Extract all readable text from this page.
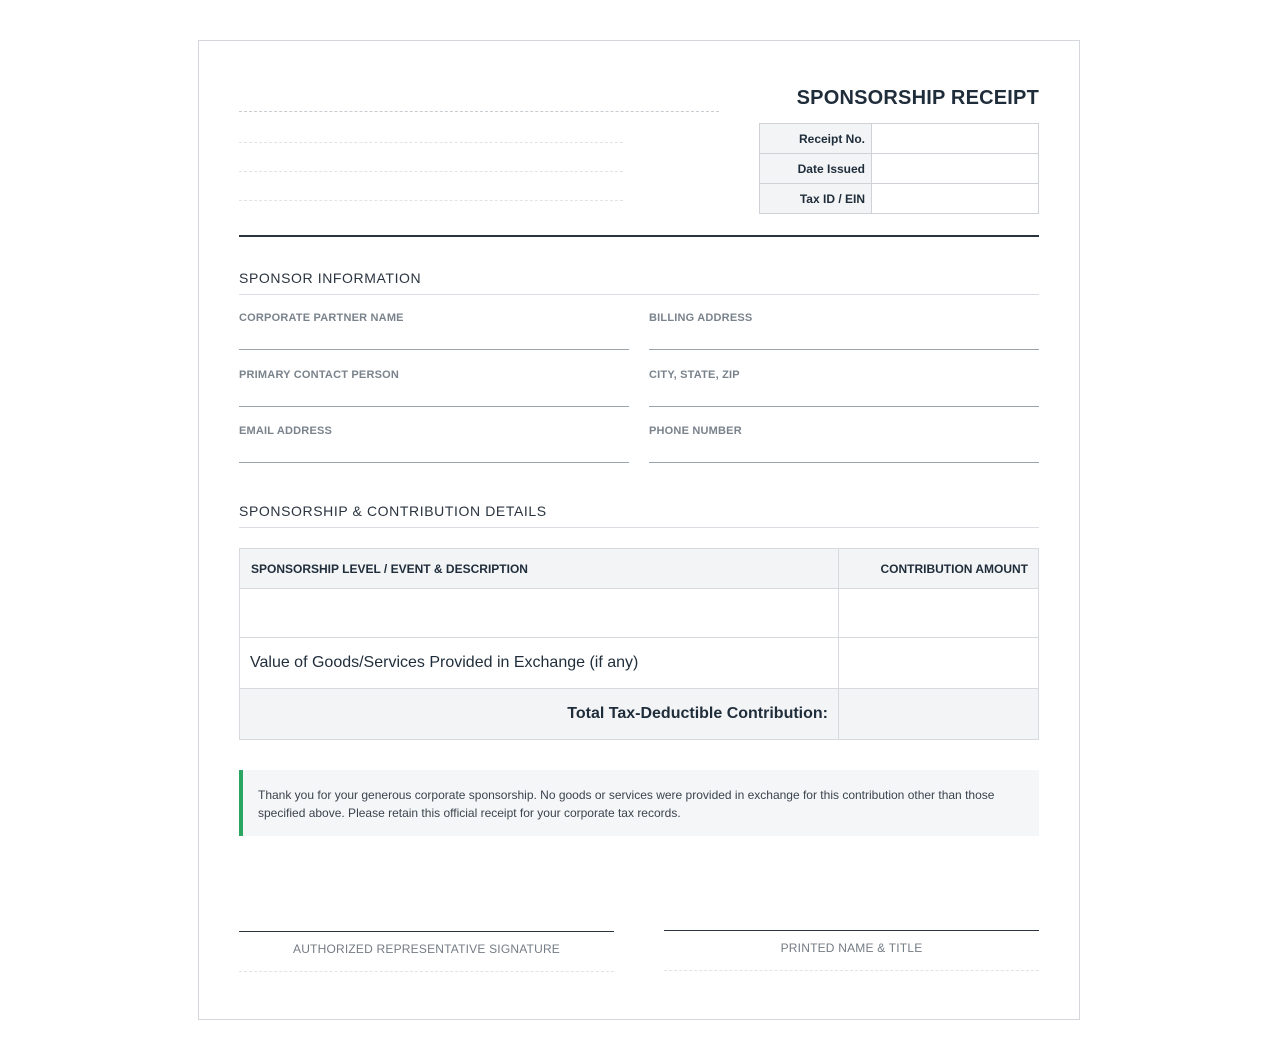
SPONSORSHIP RECEIPT
Receipt No.	
Date Issued	
Tax ID / EIN	
SPONSOR INFORMATION
CORPORATE PARTNER NAME	BILLING ADDRESS
PRIMARY CONTACT PERSON	CITY, STATE, ZIP
EMAIL ADDRESS	PHONE NUMBER
SPONSORSHIP & CONTRIBUTION DETAILS
SPONSORSHIP LEVEL / EVENT & DESCRIPTION	CONTRIBUTION AMOUNT

Value of Goods/Services Provided in Exchange (if any)	
Total Tax-Deductible Contribution:	
Thank you for your generous corporate sponsorship. No goods or services were provided in exchange for this contribution other than those specified above. Please retain this official receipt for your corporate tax records.
AUTHORIZED REPRESENTATIVE SIGNATURE	PRINTED NAME & TITLE
